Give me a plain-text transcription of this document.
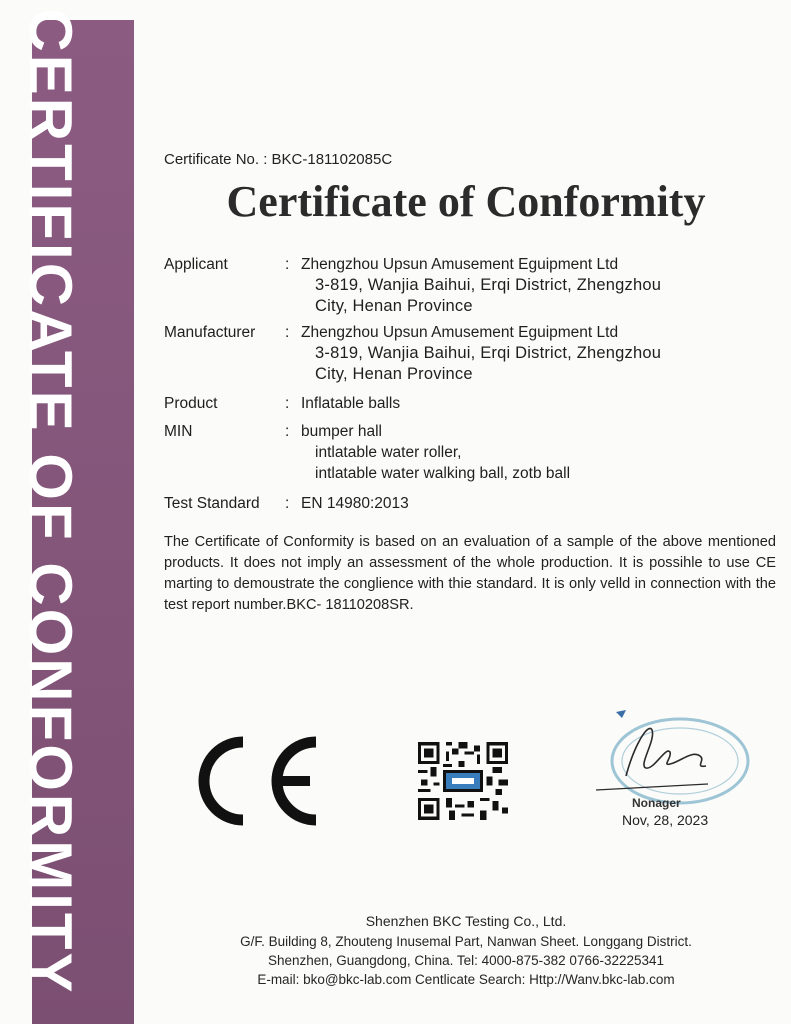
CERTIFICATE OF CONFORMITY	Certificate No. : BKC-181102085C
Certificate of Conformity
Applicant	: Zhengzhou Upsun Amusement Eguipment Ltd
3-819, Wanjia Baihui, Erqi District, Zhengzhou
City, Henan Province
Manufacturer	: Zhengzhou Upsun Amusement Eguipment Ltd
3-819, Wanjia Baihui, Erqi District, Zhengzhou
City, Henan Province
Product	: Inflatable balls
MIN	: bumper hall
intlatable water roller,
intlatable water walking ball, zotb ball
Test Standard	: EN 14980:2013
The Certificate of Conformity is based on an evaluation of a sample of the above mentioned products. It does not imply an assessment of the whole production. It is possihle to use CE marting to demoustrate the conglience with thie standard. It is only velld in connection with the test report number.BKC- 18110208SR.
Nonager
Nov, 28, 2023
Shenzhen BKC Testing Co., Ltd.
G/F. Building 8, Zhouteng Inusemal Part, Nanwan Sheet. Longgang District.
Shenzhen, Guangdong, China. Tel: 4000-875-382 0766-32225341
E-mail: bko@bkc-lab.com Centlicate Search: Http://Wanv.bkc-lab.com
